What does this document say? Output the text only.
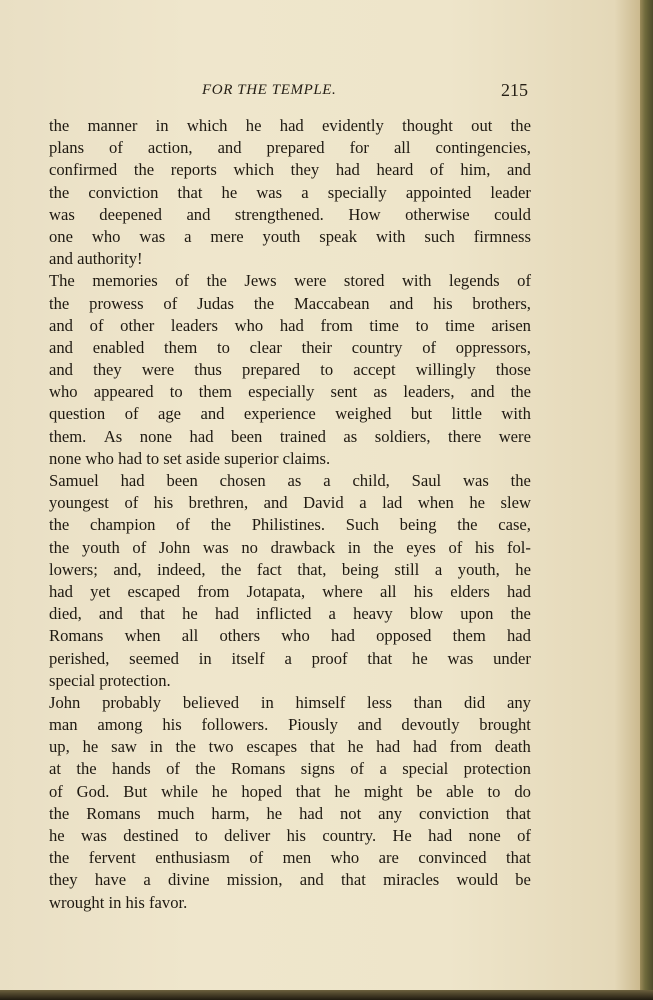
FOR THE TEMPLE.	215
the manner in which he had evidently thought out the
plans of action, and prepared for all contingencies,
confirmed the reports which they had heard of him, and
the conviction that he was a specially appointed leader
was deepened and strengthened. How otherwise could
one who was a mere youth speak with such firmness
and authority!
The memories of the Jews were stored with legends of
the prowess of Judas the Maccabean and his brothers,
and of other leaders who had from time to time arisen
and enabled them to clear their country of oppressors,
and they were thus prepared to accept willingly those
who appeared to them especially sent as leaders, and the
question of age and experience weighed but little with
them. As none had been trained as soldiers, there were
none who had to set aside superior claims.
Samuel had been chosen as a child, Saul was the
youngest of his brethren, and David a lad when he slew
the champion of the Philistines. Such being the case,
the youth of John was no drawback in the eyes of his fol-
lowers; and, indeed, the fact that, being still a youth, he
had yet escaped from Jotapata, where all his elders had
died, and that he had inflicted a heavy blow upon the
Romans when all others who had opposed them had
perished, seemed in itself a proof that he was under
special protection.
John probably believed in himself less than did any
man among his followers. Piously and devoutly brought
up, he saw in the two escapes that he had had from death
at the hands of the Romans signs of a special protection
of God. But while he hoped that he might be able to do
the Romans much harm, he had not any conviction that
he was destined to deliver his country. He had none of
the fervent enthusiasm of men who are convinced that
they have a divine mission, and that miracles would be
wrought in his favor.
